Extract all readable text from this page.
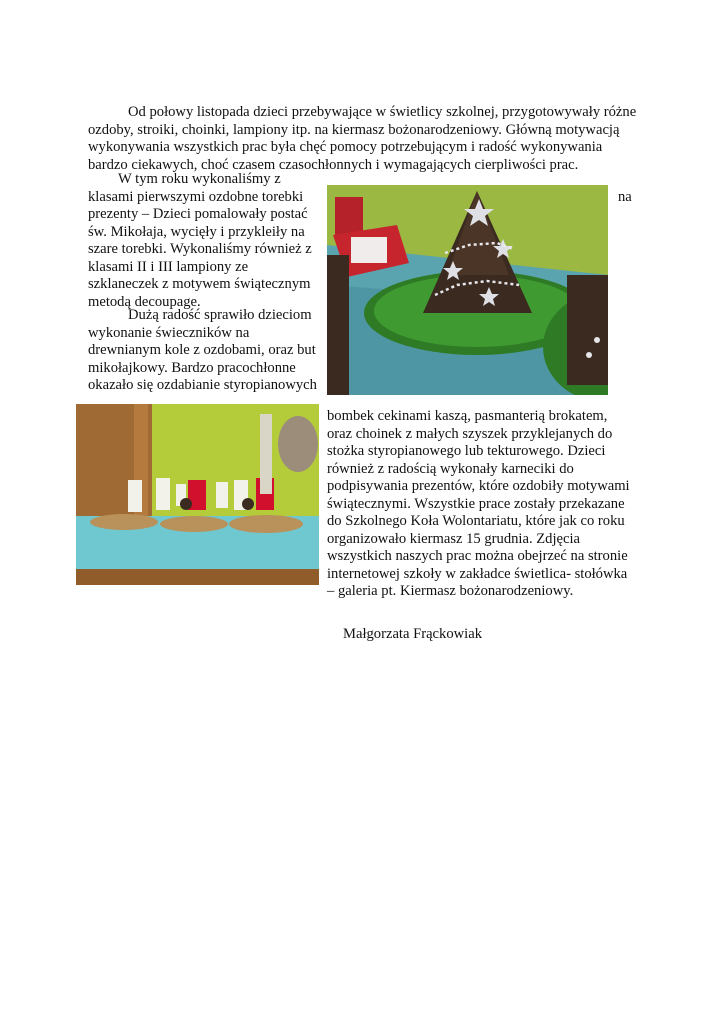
Od połowy listopada dzieci przebywające w świetlicy szkolnej, przygotowywały różne
ozdoby, stroiki, choinki, lampiony itp. na kiermasz bożonarodzeniowy. Główną motywacją
wykonywania wszystkich prac była chęć pomocy potrzebującym i radość wykonywania
bardzo ciekawych, choć czasem czasochłonnych i wymagających cierpliwości prac.
W tym roku wykonaliśmy z
klasami pierwszymi ozdobne torebki
prezenty – Dzieci pomalowały postać
św. Mikołaja, wycięły i przykleiły na
szare torebki. Wykonaliśmy również z
klasami II i III lampiony ze
szklaneczek z motywem świątecznym
metodą decoupage.
Dużą radość sprawiło dzieciom
wykonanie świeczników na
drewnianym kole z ozdobami, oraz but
mikołajkowy. Bardzo pracochłonne
okazało się ozdabianie styropianowych
na
bombek cekinami kaszą, pasmanterią brokatem,
oraz choinek z małych szyszek przyklejanych do
stożka styropianowego lub tekturowego. Dzieci
również z radością wykonały karneciki do
podpisywania prezentów, które ozdobiły motywami
świątecznymi. Wszystkie prace zostały przekazane
do Szkolnego Koła Wolontariatu, które jak co roku
organizowało kiermasz 15 grudnia. Zdjęcia
wszystkich naszych prac można obejrzeć na stronie
internetowej szkoły w zakładce świetlica- stołówka
– galeria pt. Kiermasz bożonarodzeniowy.
Małgorzata Frąckowiak
